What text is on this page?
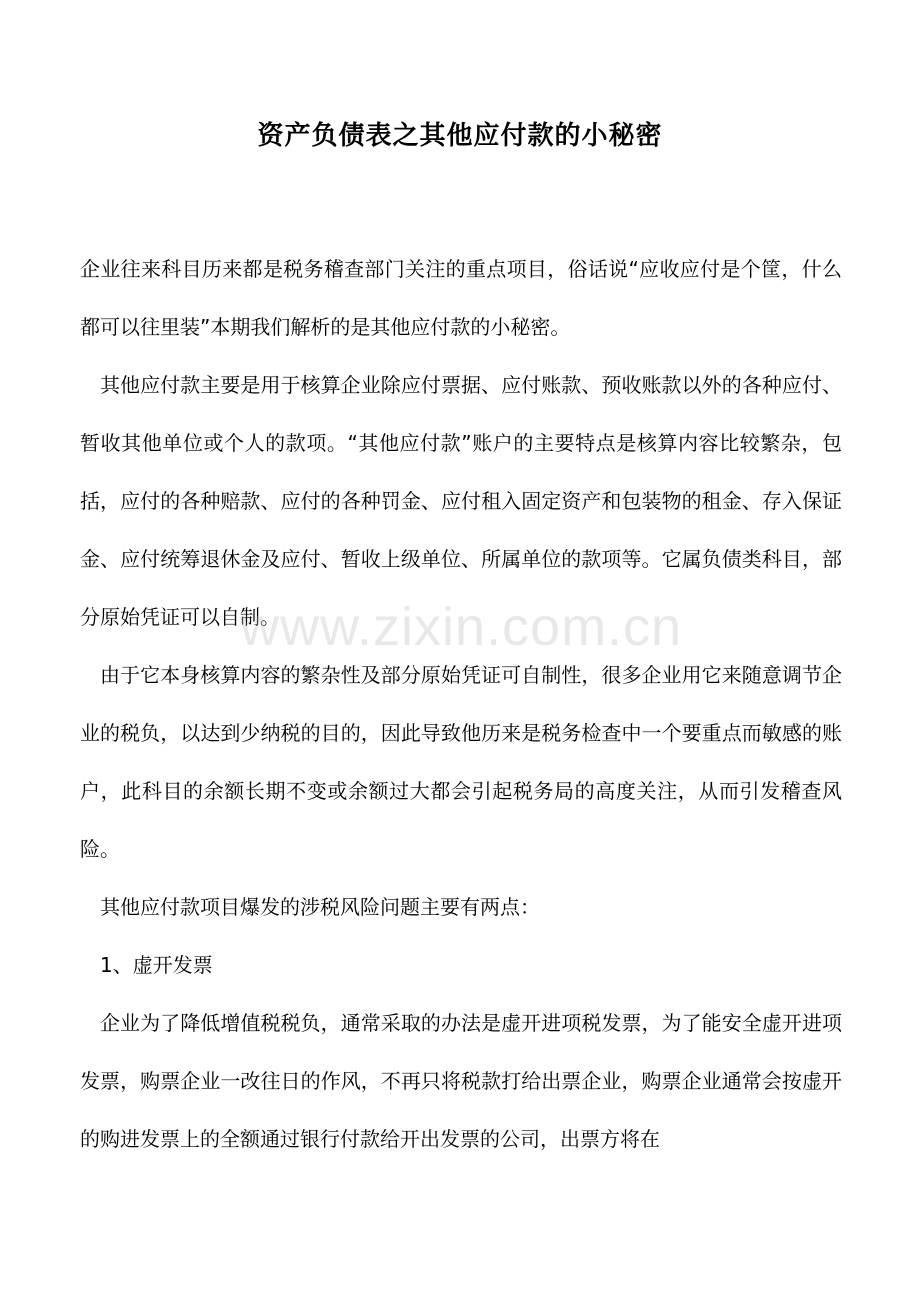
资产负债表之其他应付款的小秘密

企业往来科目历来都是税务稽查部门关注的重点项目，俗话说“应收应付是个筐，什么都可以往里装”本期我们解析的是其他应付款的小秘密。

其他应付款主要是用于核算企业除应付票据、应付账款、预收账款以外的各种应付、暂收其他单位或个人的款项。“其他应付款”账户的主要特点是核算内容比较繁杂，包括，应付的各种赔款、应付的各种罚金、应付租入固定资产和包装物的租金、存入保证金、应付统筹退休金及应付、暂收上级单位、所属单位的款项等。它属负债类科目，部分原始凭证可以自制。

由于它本身核算内容的繁杂性及部分原始凭证可自制性，很多企业用它来随意调节企业的税负，以达到少纳税的目的，因此导致他历来是税务检查中一个要重点而敏感的账户，此科目的余额长期不变或余额过大都会引起税务局的高度关注，从而引发稽查风险。

其他应付款项目爆发的涉税风险问题主要有两点：

1、虚开发票

企业为了降低增值税税负，通常采取的办法是虚开进项税发票，为了能安全虚开进项发票，购票企业一改往日的作风，不再只将税款打给出票企业，购票企业通常会按虚开的购进发票上的全额通过银行付款给开出发票的公司，出票方将在

www.zixin.com.cn
